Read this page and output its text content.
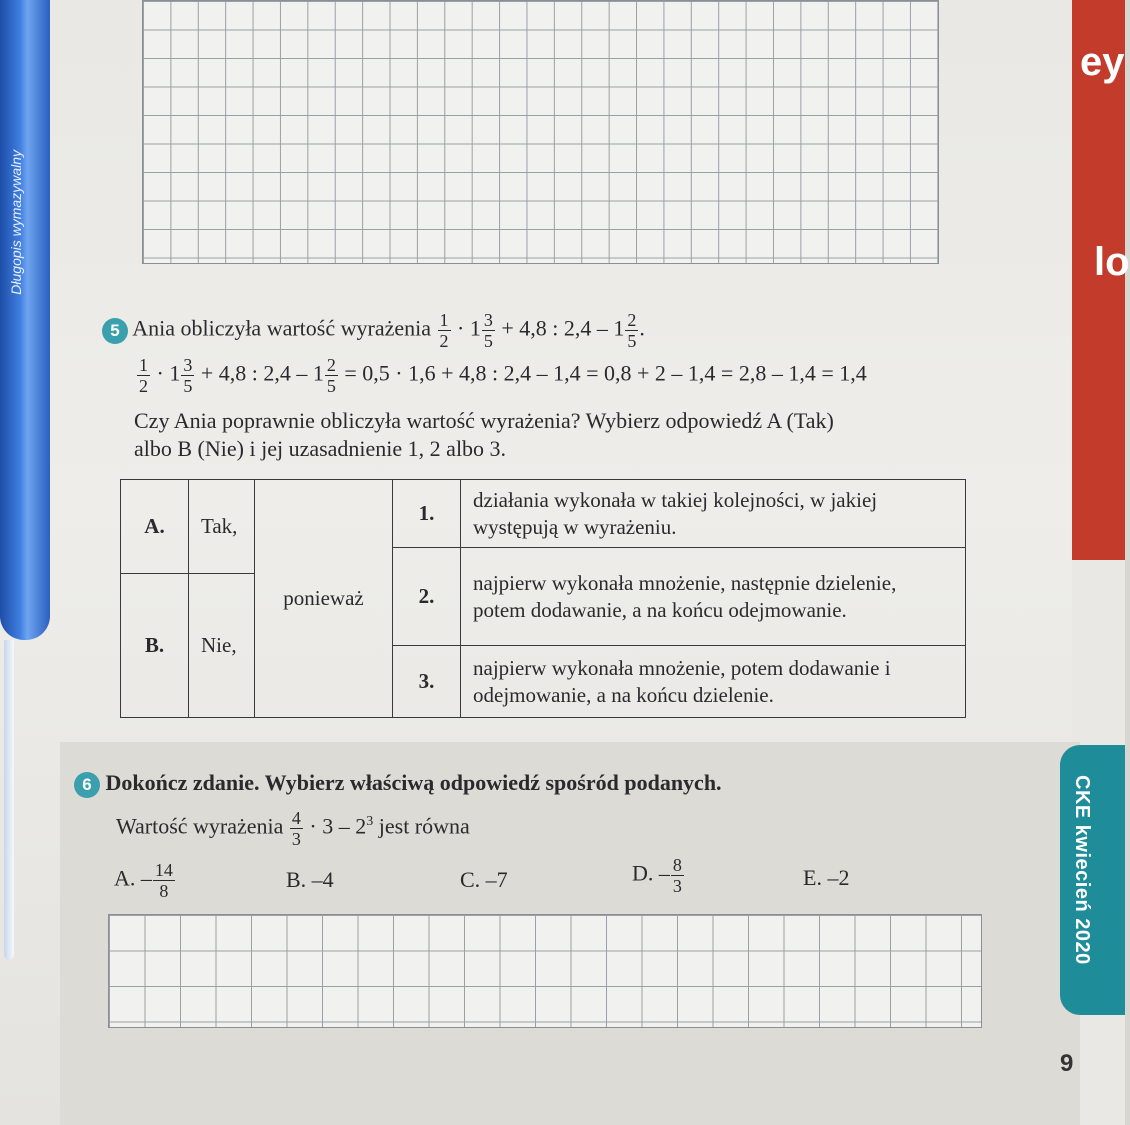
ey
lo
Długopis wymazywalny
5 Ania obliczyła wartość wyrażenia $\frac{1}{2} \cdot 1 \frac{3}{5} + 4,8$ : $2,4 - 1 \frac{2}{5}$ .
$\frac{1}{2} \cdot 1 \frac{3}{5} + 4,8$ : $2,4 - 1 \frac{2}{5} = 0,5 \cdot 1,6 + 4,8$ : 2,4 – 1,4 = 0,8 + 2 – 1,4 = 2,8 – 1,4 = 1,4
Czy Ania poprawnie obliczyła wartość wyrażenia? Wybierz odpowiedź A (Tak)
albo B (Nie) i jej uzasadnienie 1, 2 albo 3.
A.	Tak,	ponieważ	1.	działania wykonała w takiej kolejności, w jakiej występują w wyrażeniu.
			2.	najpierw wykonała mnożenie, następnie dzielenie, potem dodawanie, a na końcu odejmowanie.
B.	Nie,			
			3.	najpierw wykonała mnożenie, potem dodawanie i odejmowanie, a na końcu dzielenie.
6 Dokończ zdanie. Wybierz właściwą odpowiedź spośród podanych.
Wartość wyrażenia $\frac{4}{3} \cdot 3 - 2^3$ jest równa
A. – $\frac{14}{8}$	B. –4	C. –7	D. – $\frac{8}{3}$	E. –2	CKE kwiecień 2020
9
